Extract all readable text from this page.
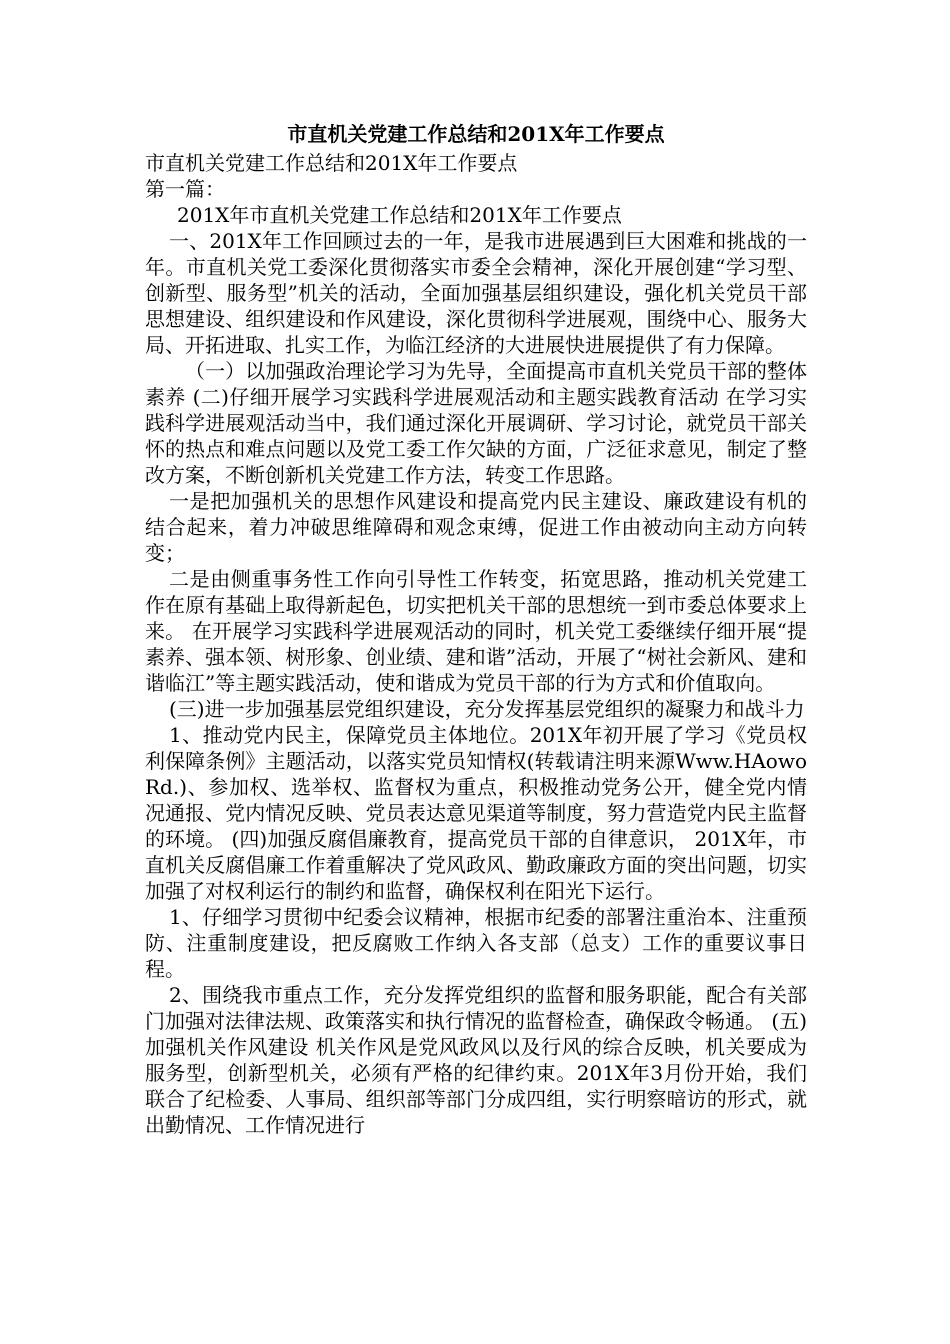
市直机关党建工作总结和201X年工作要点

市直机关党建工作总结和201X年工作要点

第一篇：

201X年市直机关党建工作总结和201X年工作要点

一、201X年工作回顾过去的一年，是我市进展遇到巨大困难和挑战的一年。市直机关党工委深化贯彻落实市委全会精神，深化开展创建“学习型、创新型、服务型”机关的活动，全面加强基层组织建设，强化机关党员干部思想建设、组织建设和作风建设，深化贯彻科学进展观，围绕中心、服务大局、开拓进取、扎实工作，为临江经济的大进展快进展提供了有力保障。

（一）以加强政治理论学习为先导，全面提高市直机关党员干部的整体素养 (二)仔细开展学习实践科学进展观活动和主题实践教育活动 在学习实践科学进展观活动当中，我们通过深化开展调研、学习讨论，就党员干部关怀的热点和难点问题以及党工委工作欠缺的方面，广泛征求意见，制定了整改方案，不断创新机关党建工作方法，转变工作思路。

一是把加强机关的思想作风建设和提高党内民主建设、廉政建设有机的结合起来，着力冲破思维障碍和观念束缚，促进工作由被动向主动方向转变；

二是由侧重事务性工作向引导性工作转变，拓宽思路，推动机关党建工作在原有基础上取得新起色，切实把机关干部的思想统一到市委总体要求上来。 在开展学习实践科学进展观活动的同时，机关党工委继续仔细开展“提素养、强本领、树形象、创业绩、建和谐”活动，开展了“树社会新风、建和谐临江”等主题实践活动，使和谐成为党员干部的行为方式和价值取向。

(三)进一步加强基层党组织建设，充分发挥基层党组织的凝聚力和战斗力

1、推动党内民主，保障党员主体地位。201X年初开展了学习《党员权利保障条例》主题活动，以落实党员知情权(转载请注明来源Www.HAowoRd.)、参加权、选举权、监督权为重点，积极推动党务公开，健全党内情况通报、党内情况反映、党员表达意见渠道等制度，努力营造党内民主监督的环境。 (四)加强反腐倡廉教育，提高党员干部的自律意识， 201X年，市直机关反腐倡廉工作着重解决了党风政风、勤政廉政方面的突出问题，切实加强了对权利运行的制约和监督，确保权利在阳光下运行。

1、仔细学习贯彻中纪委会议精神，根据市纪委的部署注重治本、注重预防、注重制度建设，把反腐败工作纳入各支部（总支）工作的重要议事日程。

2、围绕我市重点工作，充分发挥党组织的监督和服务职能，配合有关部门加强对法律法规、政策落实和执行情况的监督检查，确保政令畅通。 (五)加强机关作风建设 机关作风是党风政风以及行风的综合反映，机关要成为服务型，创新型机关，必须有严格的纪律约束。201X年3月份开始，我们联合了纪检委、人事局、组织部等部门分成四组，实行明察暗访的形式，就出勤情况、工作情况进行
